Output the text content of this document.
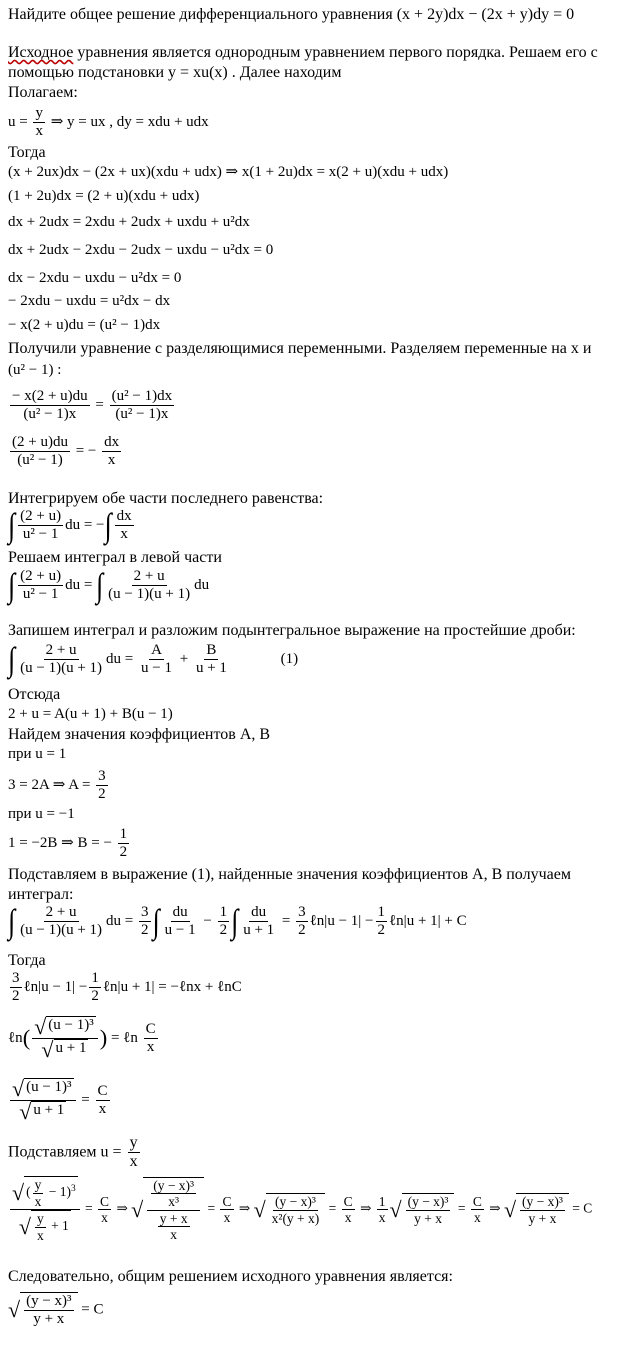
Найдите общее решение дифференциального уравнения (x + 2y)dx − (2x + y)dy = 0
Исходное уравнения является однородным уравнением первого порядка. Решаем его с
помощью подстановки y = xu(x) . Далее находим
Полагаем:
$u = \frac{y}{x}$ ⇒ y = ux , dy = xdu + udx
Тогда
(x + 2ux)dx − (2x + ux)(xdu + udx) ⇒ x(1 + 2u)dx = x(2 + u)(xdu + udx)
(1 + 2u)dx = (2 + u)(xdu + udx)
dx + 2udx = 2xdu + 2udx + uxdu + u²dx
dx + 2udx − 2xdu − 2udx − uxdu − u²dx = 0
dx − 2xdu − uxdu − u²dx = 0
− 2xdu − uxdu = u²dx − dx
− x(2 + u)du = (u² − 1)dx
Получили уравнение с разделяющимися переменными. Разделяем переменные на x и
(u² − 1) :
$\frac{- x(2 + u)du}{\text{(u² − 1)x}} = \frac{\text{(u² − 1)dx}}{\text{(u² − 1)x}}$
$\frac{(2 + u)du}{\text{(u² − 1)}}$ = − $\frac{dx}{x}$
Интегрируем обе части последнего равенства:
∫ $\frac{(2 + u)}{\text{u² − 1}}$ du = −∫ $\frac{dx}{x}$
Решаем интеграл в левой части
∫ $\frac{(2 + u)}{\text{u² − 1}}$ du = ∫ $\frac{2 + u}{(u - 1)(u + 1)}$ du
Запишем интеграл и разложим подынтегральное выражение на простейшие дроби:
∫ $\frac{2 + u}{(u - 1)(u + 1)}$ du = $\frac{A}{u - 1} + \frac{B}{u + 1}$	(1)
Отсюда
2 + u = A(u + 1) + B(u − 1)
Найдем значения коэффициентов A, B
при u = 1
3 = 2A ⇒ $A = \frac{3}{2}$
при u = −1
1 = −2B ⇒ B = − $\frac{1}{2}$
Подставляем в выражение (1), найденные значения коэффициентов A, B получаем
интеграл:
∫ $\frac{2 + u}{(u - 1)(u + 1)}$ du = $\frac{3}{2}$ ∫ $\frac{du}{u - 1} - \frac{1}{2}$ ∫ $\frac{du}{u + 1} = \frac{3}{2}$ ℓn|u − $1| - \frac{1}{2}$ ℓn|u + 1| + C
Тогда
$\frac{3}{2}$ ℓn|u − $1| - \frac{1}{2}$ ℓn|u + 1| = −ℓnx + ℓnC
ℓn( $\frac{\text{√ (u − 1)³}}{√ u + 1}$ ) = ℓn $\frac{C}{x}$
$\frac{\text{√ (u − 1)³}}{√ u + 1} = \frac{C}{x}$
Подставляем $u = \frac{y}{x}$
$\frac{√ ( \frac{y}{x} - 1)^3}{√ \frac{y}{x} + 1} = \frac{C}{x}$ ⇒ √ $\frac{\frac{\text{(y − x)³}}{\text{x³}}}{\frac{y + x}{x}} = \frac{C}{x}$ ⇒ √ $\frac{\text{(y − x)³}}{\text{x²(y + x)}} = \frac{C}{x}$ ⇒ $\frac{1}{x}$ √ $\frac{\text{(y − x)³}}{y + x} = \frac{C}{x}$ ⇒ √ $\frac{\text{(y − x)³}}{y + x} = C$
Следовательно, общим решением исходного уравнения является:
√ $\frac{\text{(y − x)³}}{y + x} = C$
